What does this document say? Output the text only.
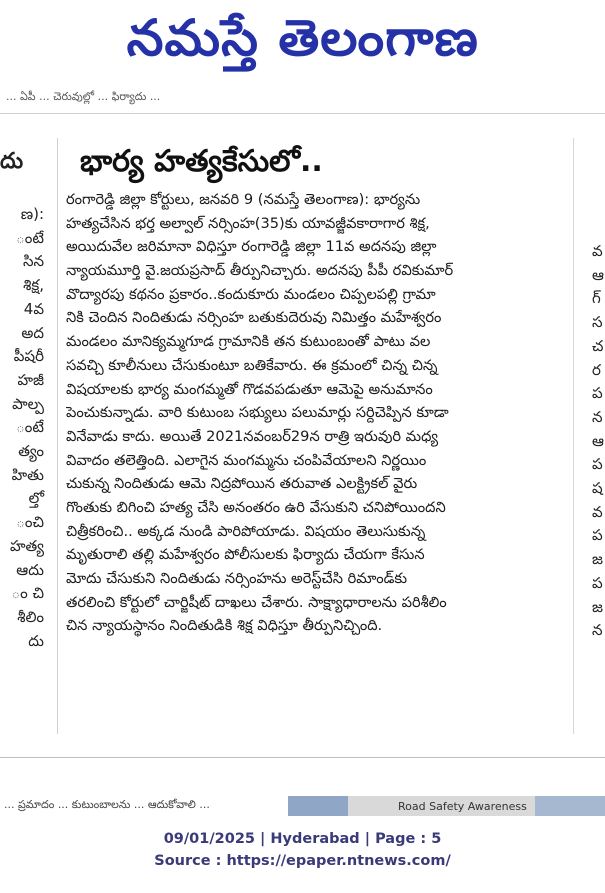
నమస్తే తెలంగాణ
... ఏపీ ... చెరువుల్లో ... ఫిర్యాదు ...
దు
ణ):
ంటే
సిన
శిక్ష,
4వ
అద
పీషరీ
హజీ
పాల్ప
ంటే
త్యం
హితు
ల్తో
ంచి
హత్య
ఆదు
ం చి
శీలిం
దు
భార్య హత్యకేసులో..
రంగారెడ్డి జిల్లా కోర్టులు, జనవరి 9 (నమస్తే తెలంగాణ): భార్యను
హత్యచేసిన భర్త అల్వాల్ నర్సింహ(35)కు యావజ్జీవకారాగార శిక్ష,
అయిదువేల జరిమానా విధిస్తూ రంగారెడ్డి జిల్లా 11వ అదనపు జిల్లా
న్యాయమూర్తి వై.జయప్రసాద్ తీర్పునిచ్చారు. అదనపు పీపీ రవికుమార్
వొద్యారపు కథనం ప్రకారం..కందుకూరు మండలం చిప్పలపల్లి గ్రామా
నికి చెందిన నిందితుడు నర్సింహ బతుకుదెరువు నిమిత్తం మహేశ్వరం
మండలం మానిక్యమ్మగూడ గ్రామానికి తన కుటుంబంతో పాటు వల
సవచ్చి కూలీనులు చేసుకుంటూ బతికేవారు. ఈ క్రమంలో చిన్న చిన్న
విషయాలకు భార్య మంగమ్మతో గొడవపడుతూ ఆమెపై అనుమానం
పెంచుకున్నాడు. వారి కుటుంబ సభ్యులు పలుమార్లు సర్దిచెప్పిన కూడా
వినేవాడు కాదు. అయితే 2021నవంబర్29న రాత్రి ఇరువురి మధ్య
వివాదం తలెత్తింది. ఎలాగైన మంగమ్మను చంపివేయాలని నిర్ణయిం
చుకున్న నిందితుడు ఆమె నిద్రపోయిన తరువాత ఎలక్ట్రికల్ వైరు
గొంతుకు బిగించి హత్య చేసి అనంతరం ఉరి వేసుకుని చనిపోయిందని
చిత్రీకరించి.. అక్కడ నుండి పారిపోయాడు. విషయం తెలుసుకున్న
మృతురాలి తల్లి మహేశ్వరం పోలీసులకు ఫిర్యాదు చేయగా కేసున
మోదు చేసుకుని నిందితుడు నర్సింహను అరెస్ట్‌చేసి రిమాండ్‌కు
తరలించి కోర్టులో చార్జిషీట్ దాఖలు చేశారు. సాక్ష్యాధారాలను పరిశీలిం
చిన న్యాయస్థానం నిందితుడికి శిక్ష విధిస్తూ తీర్పునిచ్చింది.
వ
ఆ
గ్
స
చ
ర
ప
న
ఆ
ప
ష
వ
ప
జ
ప
జ
న
... ప్రమాదం ... కుటుంబాలను ... ఆదుకోవాలి ...	Road Safety Awareness
09/01/2025 | Hyderabad | Page : 5
Source : https://epaper.ntnews.com/
